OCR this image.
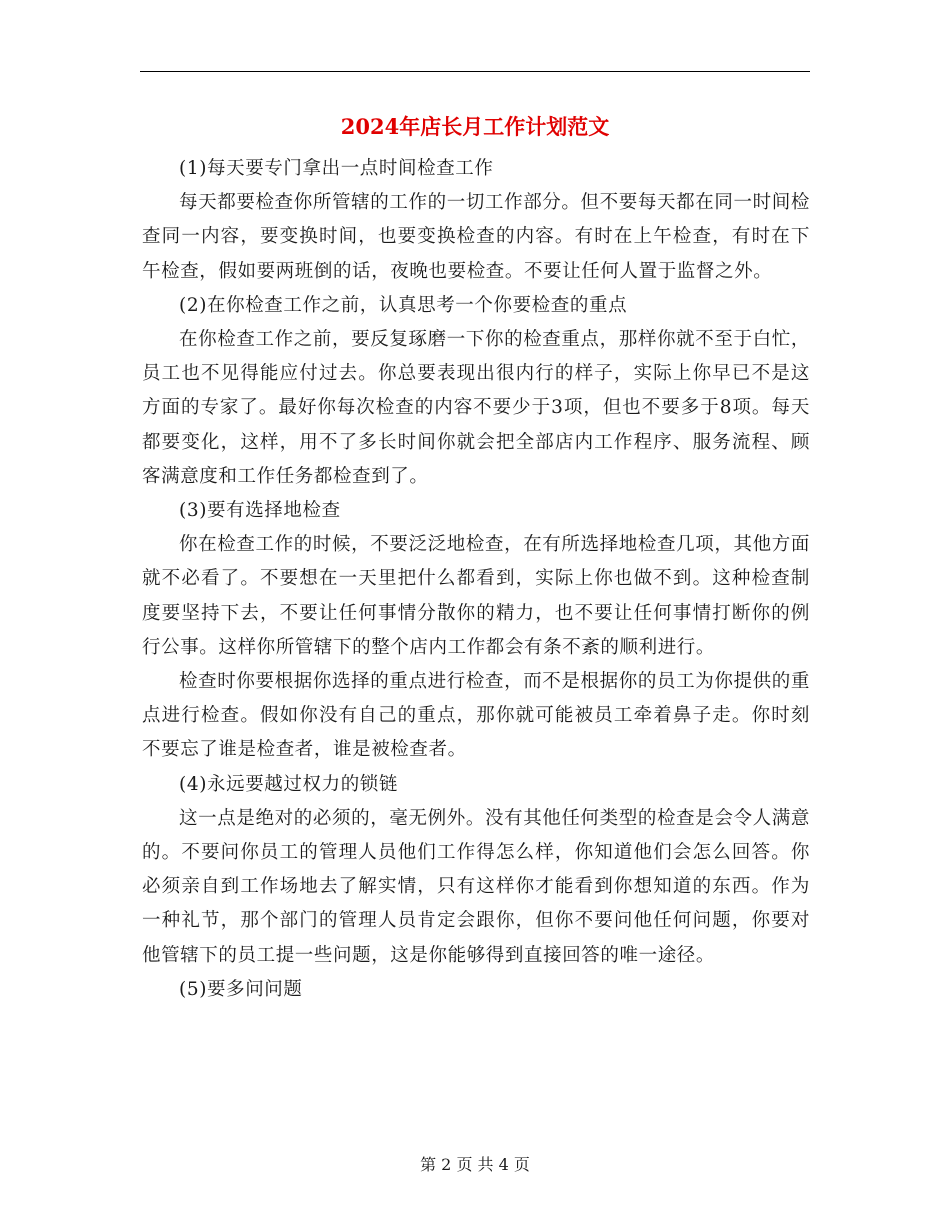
2024年店长月工作计划范文

(1)每天要专门拿出一点时间检查工作

每天都要检查你所管辖的工作的一切工作部分。但不要每天都在同一时间检查同一内容，要变换时间，也要变换检查的内容。有时在上午检查，有时在下午检查，假如要两班倒的话，夜晚也要检查。不要让任何人置于监督之外。

(2)在你检查工作之前，认真思考一个你要检查的重点

在你检查工作之前，要反复琢磨一下你的检查重点，那样你就不至于白忙，员工也不见得能应付过去。你总要表现出很内行的样子，实际上你早已不是这方面的专家了。最好你每次检查的内容不要少于3项，但也不要多于8项。每天都要变化，这样，用不了多长时间你就会把全部店内工作程序、服务流程、顾客满意度和工作任务都检查到了。

(3)要有选择地检查

你在检查工作的时候，不要泛泛地检查，在有所选择地检查几项，其他方面就不必看了。不要想在一天里把什么都看到，实际上你也做不到。这种检查制度要坚持下去，不要让任何事情分散你的精力，也不要让任何事情打断你的例行公事。这样你所管辖下的整个店内工作都会有条不紊的顺利进行。

检查时你要根据你选择的重点进行检查，而不是根据你的员工为你提供的重点进行检查。假如你没有自己的重点，那你就可能被员工牵着鼻子走。你时刻不要忘了谁是检查者，谁是被检查者。

(4)永远要越过权力的锁链

这一点是绝对的必须的，毫无例外。没有其他任何类型的检查是会令人满意的。不要问你员工的管理人员他们工作得怎么样，你知道他们会怎么回答。你必须亲自到工作场地去了解实情，只有这样你才能看到你想知道的东西。作为一种礼节，那个部门的管理人员肯定会跟你，但你不要问他任何问题，你要对他管辖下的员工提一些问题，这是你能够得到直接回答的唯一途径。

(5)要多问问题

第 2 页 共 4 页
